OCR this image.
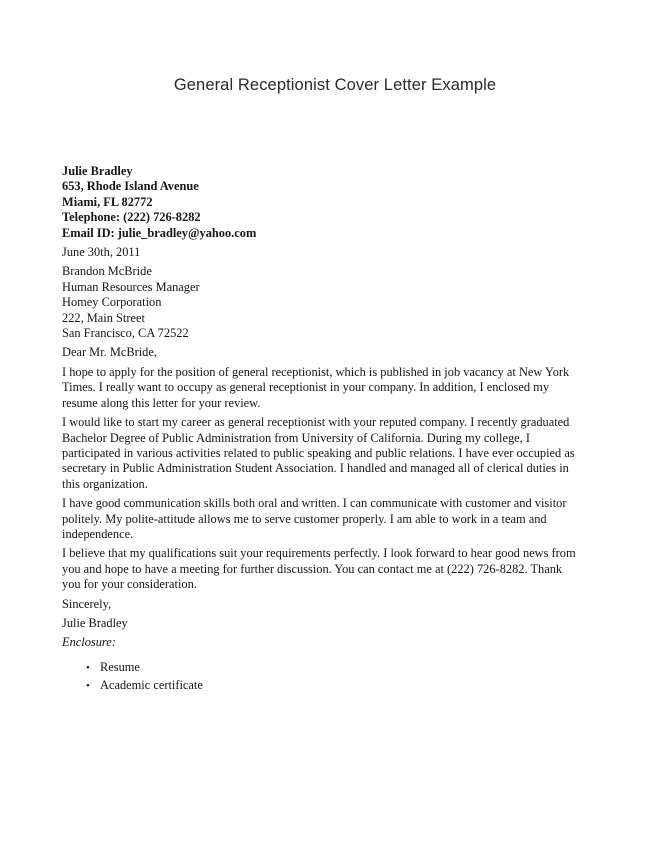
General Receptionist Cover Letter Example
Julie Bradley
653, Rhode Island Avenue
Miami, FL 82772
Telephone: (222) 726-8282
Email ID: julie_bradley@yahoo.com
June 30th, 2011
Brandon McBride
Human Resources Manager
Homey Corporation
222, Main Street
San Francisco, CA 72522
Dear Mr. McBride,
I hope to apply for the position of general receptionist, which is published in job vacancy at New York
Times. I really want to occupy as general receptionist in your company. In addition, I enclosed my
resume along this letter for your review.
I would like to start my career as general receptionist with your reputed company. I recently graduated
Bachelor Degree of Public Administration from University of California. During my college, I
participated in various activities related to public speaking and public relations. I have ever occupied as
secretary in Public Administration Student Association. I handled and managed all of clerical duties in
this organization.
I have good communication skills both oral and written. I can communicate with customer and visitor
politely. My polite-attitude allows me to serve customer properly. I am able to work in a team and
independence.
I believe that my qualifications suit your requirements perfectly. I look forward to hear good news from
you and hope to have a meeting for further discussion. You can contact me at (222) 726-8282. Thank
you for your consideration.
Sincerely,
Julie Bradley
Enclosure:
• Resume
• Academic certificate
